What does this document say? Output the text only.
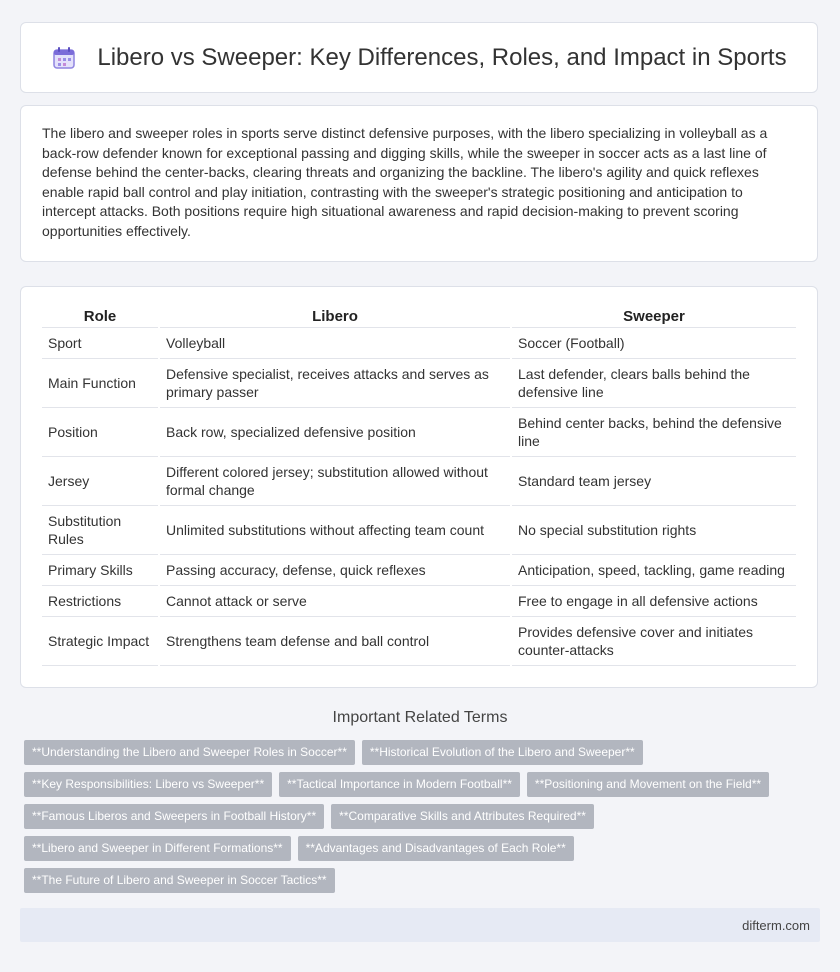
Libero vs Sweeper: Key Differences, Roles, and Impact in Sports

The libero and sweeper roles in sports serve distinct defensive purposes, with the libero specializing in volleyball as a back-row defender known for exceptional passing and digging skills, while the sweeper in soccer acts as a last line of defense behind the center-backs, clearing threats and organizing the backline. The libero's agility and quick reflexes enable rapid ball control and play initiation, contrasting with the sweeper's strategic positioning and anticipation to intercept attacks. Both positions require high situational awareness and rapid decision-making to prevent scoring opportunities effectively.

Role	Libero	Sweeper
Sport	Volleyball	Soccer (Football)
Main Function	Defensive specialist, receives attacks and serves as primary passer	Last defender, clears balls behind the defensive line
Position	Back row, specialized defensive position	Behind center backs, behind the defensive line
Jersey	Different colored jersey; substitution allowed without formal change	Standard team jersey
Substitution Rules	Unlimited substitutions without affecting team count	No special substitution rights
Primary Skills	Passing accuracy, defense, quick reflexes	Anticipation, speed, tackling, game reading
Restrictions	Cannot attack or serve	Free to engage in all defensive actions
Strategic Impact	Strengthens team defense and ball control	Provides defensive cover and initiates counter-attacks
Important Related Terms
**Understanding the Libero and Sweeper Roles in Soccer**	**Historical Evolution of the Libero and Sweeper**
**Key Responsibilities: Libero vs Sweeper**	**Tactical Importance in Modern Football**	**Positioning and Movement on the Field**
**Famous Liberos and Sweepers in Football History**	**Comparative Skills and Attributes Required**
**Libero and Sweeper in Different Formations**	**Advantages and Disadvantages of Each Role**
**The Future of Libero and Sweeper in Soccer Tactics**
difterm.com
